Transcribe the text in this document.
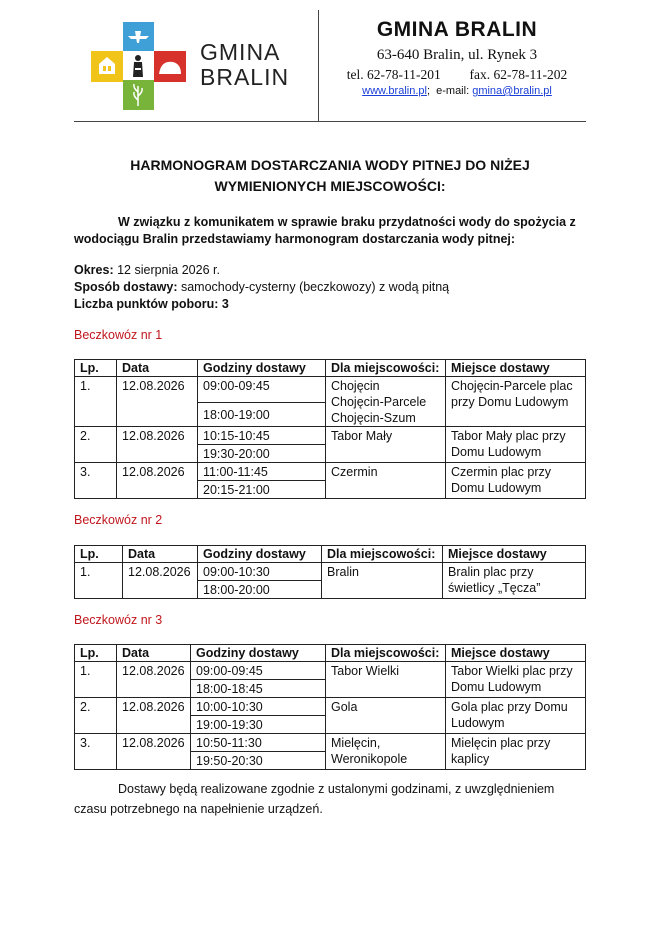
GMINA
BRALIN
GMINA BRALIN
63-640 Bralin, ul. Rynek 3
tel. 62-78-11-201 fax. 62-78-11-202
www.bralin.pl;  e-mail: gmina@bralin.pl
HARMONOGRAM DOSTARCZANIA WODY PITNEJ DO NIŻEJ
WYMIENIONYCH MIEJSCOWOŚCI:
W związku z komunikatem w sprawie braku przydatności wody do spożycia z wodociągu Bralin przedstawiamy harmonogram dostarczania wody pitnej:
Okres: 12 sierpnia 2026 r.
Sposób dostawy: samochody-cysterny (beczkowozy) z wodą pitną
Liczba punktów poboru: 3
Beczkowóz nr 1
Lp.	Data	Godziny dostawy	Dla miejscowości:	Miejsce dostawy
1.	12.08.2026	09:00-09:45	Chojęcin
Chojęcin-Parcele
Chojęcin-Szum	Chojęcin-Parcele plac przy Domu Ludowym
		18:00-19:00		
2.	12.08.2026	10:15-10:45	Tabor Mały	Tabor Mały plac przy Domu Ludowym
		19:30-20:00		
3.	12.08.2026	11:00-11:45	Czermin	Czermin plac przy Domu Ludowym
		20:15-21:00		
Beczkowóz nr 2
Lp.	Data	Godziny dostawy	Dla miejscowości:	Miejsce dostawy
1.	12.08.2026	09:00-10:30	Bralin	Bralin plac przy świetlicy „Tęcza”
		18:00-20:00		
Beczkowóz nr 3
Lp.	Data	Godziny dostawy	Dla miejscowości:	Miejsce dostawy
1.	12.08.2026	09:00-09:45	Tabor Wielki	Tabor Wielki plac przy Domu Ludowym
		18:00-18:45		
2.	12.08.2026	10:00-10:30	Gola	Gola plac przy Domu Ludowym
		19:00-19:30		
3.	12.08.2026	10:50-11:30	Mielęcin,
Weronikopole	Mielęcin plac przy kaplicy
		19:50-20:30		
Dostawy będą realizowane zgodnie z ustalonymi godzinami, z uwzględnieniem czasu potrzebnego na napełnienie urządzeń.
